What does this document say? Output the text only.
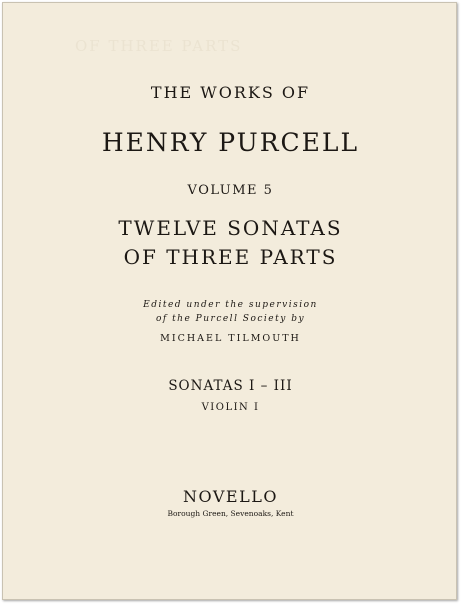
OF THREE PARTS
THE WORKS OF
HENRY PURCELL
VOLUME 5
TWELVE SONATAS
OF THREE PARTS
Edited under the supervision
of the Purcell Society by
MICHAEL TILMOUTH
SONATAS I – III
VIOLIN I
NOVELLO
Borough Green, Sevenoaks, Kent
